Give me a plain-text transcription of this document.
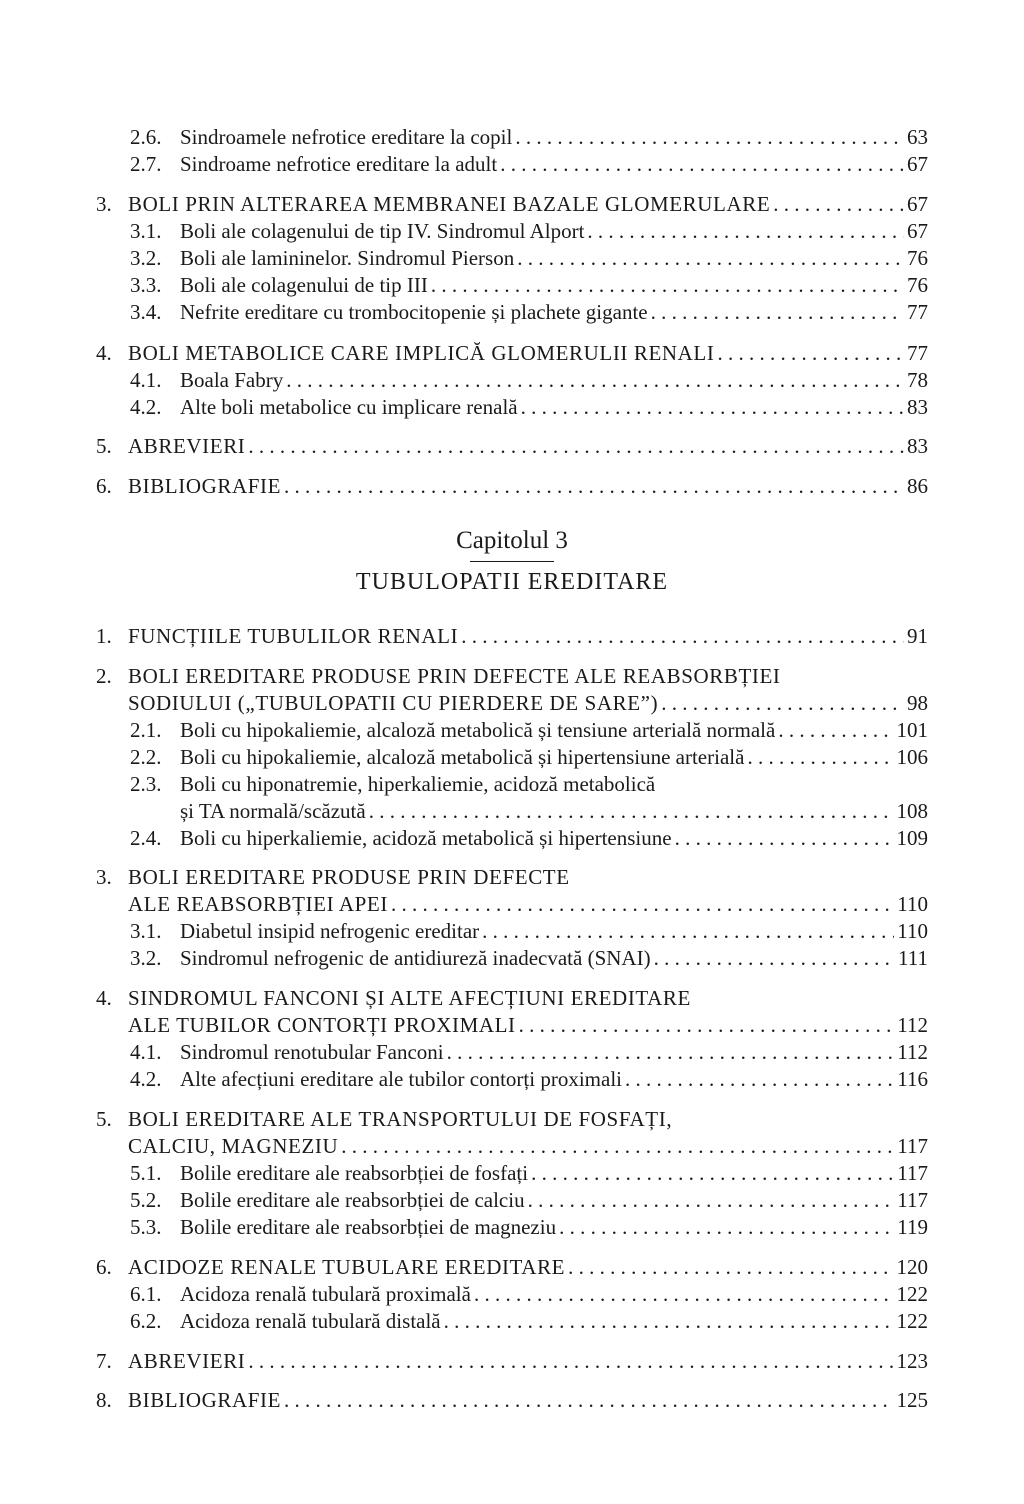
2.6. Sindroamele nefrotice ereditare la copil . . .	63
2.7. Sindroame nefrotice ereditare la adult . . .	67
3. BOLI PRIN ALTERAREA MEMBRANEI BAZALE GLOMERULARE . . .	67
3.1. Boli ale colagenului de tip IV. Sindromul Alport . . .	67
3.2. Boli ale lamininelor. Sindromul Pierson . . .	76
3.3. Boli ale colagenului de tip III . . .	76
3.4. Nefrite ereditare cu trombocitopenie și plachete gigante . . .	77
4. BOLI METABOLICE CARE IMPLICĂ GLOMERULII RENALI . . .	77
4.1. Boala Fabry . . .	78
4.2. Alte boli metabolice cu implicare renală . . .	83
5. ABREVIERI . . .	83
6. BIBLIOGRAFIE . . .	86
Capitolul 3
TUBULOPATII EREDITARE
1. FUNCȚIILE TUBULILOR RENALI . . .	91
2. BOLI EREDITARE PRODUSE PRIN DEFECTE ALE REABSORBȚIEI
SODIULUI („TUBULOPATII CU PIERDERE DE SARE”) . . .	98
2.1. Boli cu hipokaliemie, alcaloză metabolică și tensiune arterială normală . . .	101
2.2. Boli cu hipokaliemie, alcaloză metabolică și hipertensiune arterială . . .	106
2.3. Boli cu hiponatremie, hiperkaliemie, acidoză metabolică
și TA normală/scăzută . . .	108
2.4. Boli cu hiperkaliemie, acidoză metabolică și hipertensiune . . .	109
3. BOLI EREDITARE PRODUSE PRIN DEFECTE
ALE REABSORBȚIEI APEI . . .	110
3.1. Diabetul insipid nefrogenic ereditar . . .	110
3.2. Sindromul nefrogenic de antidiureză inadecvată (SNAI) . . .	111
4. SINDROMUL FANCONI ȘI ALTE AFECȚIUNI EREDITARE
ALE TUBILOR CONTORȚI PROXIMALI . . .	112
4.1. Sindromul renotubular Fanconi . . .	112
4.2. Alte afecțiuni ereditare ale tubilor contorți proximali . . .	116
5. BOLI EREDITARE ALE TRANSPORTULUI DE FOSFAȚI,
CALCIU, MAGNEZIU . . .	117
5.1. Bolile ereditare ale reabsorbției de fosfați . . .	117
5.2. Bolile ereditare ale reabsorbției de calciu . . .	117
5.3. Bolile ereditare ale reabsorbției de magneziu . . .	119
6. ACIDOZE RENALE TUBULARE EREDITARE . . .	120
6.1. Acidoza renală tubulară proximală . . .	122
6.2. Acidoza renală tubulară distală . . .	122
7. ABREVIERI . . .	123
8. BIBLIOGRAFIE . . .	125
